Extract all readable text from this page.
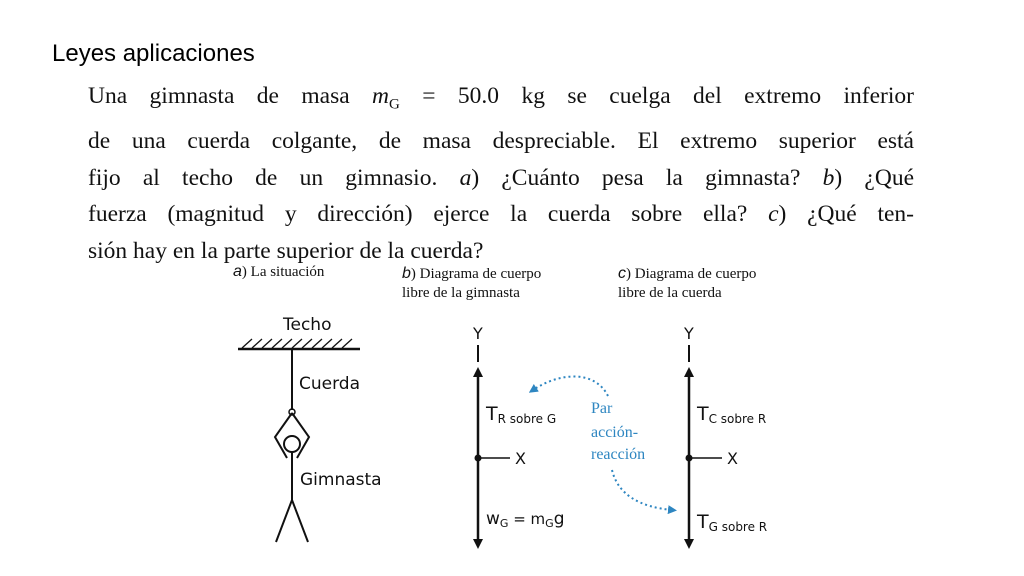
Leyes aplicaciones
Una gimnasta de masa $m_G = 50.0$ kg se cuelga del extremo inferior
de una cuerda colgante, de masa despreciable. El extremo superior está
fijo al techo de un gimnasio. a) ¿Cuánto pesa la gimnasta? b) ¿Qué
fuerza (magnitud y dirección) ejerce la cuerda sobre ella? c) ¿Qué ten-
sión hay en la parte superior de la cuerda?
a) La situación	b) Diagrama de cuerpo
libre de la gimnasta
c) Diagrama de cuerpo
libre de la cuerda
Techo
Cuerda
Gimnasta
Y
X
TR sobre G
wG = mGg
Par
acción-
reacción
Y
X
TC sobre R
TG sobre R
